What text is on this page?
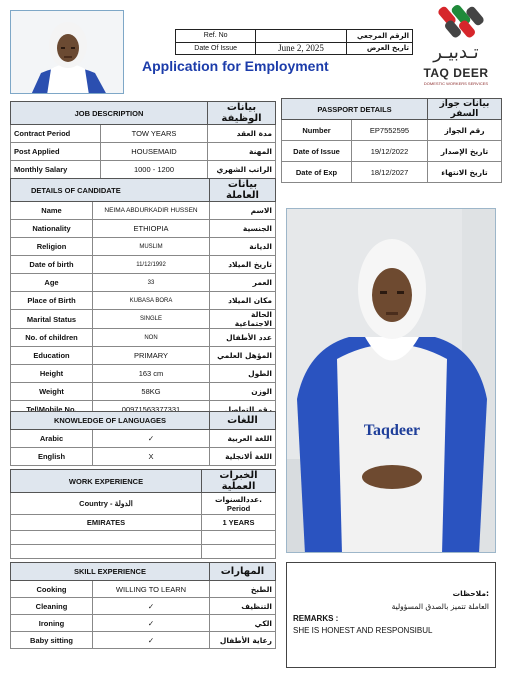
Ref. No		الرقم المرجعي
Date Of Issue	June 2, 2025	تاريخ العرض
Application for Employment
تـدبيـر
TAQ DEER
DOMESTIC WORKERS SERVICES
JOB DESCRIPTION		بيانات الوظيفة
Contract Period	TOW YEARS	مدة العقد
Post Applied	HOUSEMAID	المهنة
Monthly Salary	1000 - 1200	الراتب الشهري
PASSPORT DETAILS		بيانات جواز السفر
Number	EP7552595	رقم الجواز
Date of Issue	19/12/2022	تاريخ الإصدار
Date of Exp	18/12/2027	تاريخ الانتهاء
DETAILS OF CANDIDATE		بيانات العاملة
Name	NEIMA ABDURKADIR HUSSEN	الاسم
Nationality	ETHIOPIA	الجنسية
Religion	MUSLIM	الديانة
Date of birth	11/12/1992	تاريخ الميلاد
Age	33	العمر
Place of Birth	KUBASA BORA	مكان الميلاد
Marital Status	SINGLE	الحالة الاجتماعية
No. of children	NON	عدد الأطفال
Education	PRIMARY	المؤهل العلمي
Height	163 cm	الطول
Weight	58KG	الوزن
Tel\Mobile No.	00971563377331	رقم التواصل
KNOWLEDGE OF LANGUAGES		اللغات
Arabic	✓	اللغة العربية
English	X	اللغة ألانجلية
WORK EXPERIENCE	الخبرات العملية
Country - الدولة	عددالسنوات.
Period

EMIRATES	1 YEARS

SKILL EXPERIENCE		المهارات
Cooking	WILLING TO LEARN	الطبخ
Cleaning	✓	التنظيف
Ironing	✓	الكي
Baby sitting	✓	رعاية الأطفال
Taqdeer
ملاحظات:
العاملة تتميز بالصدق المسؤولية
REMARKS :
SHE IS HONEST AND RESPONSIBUL
